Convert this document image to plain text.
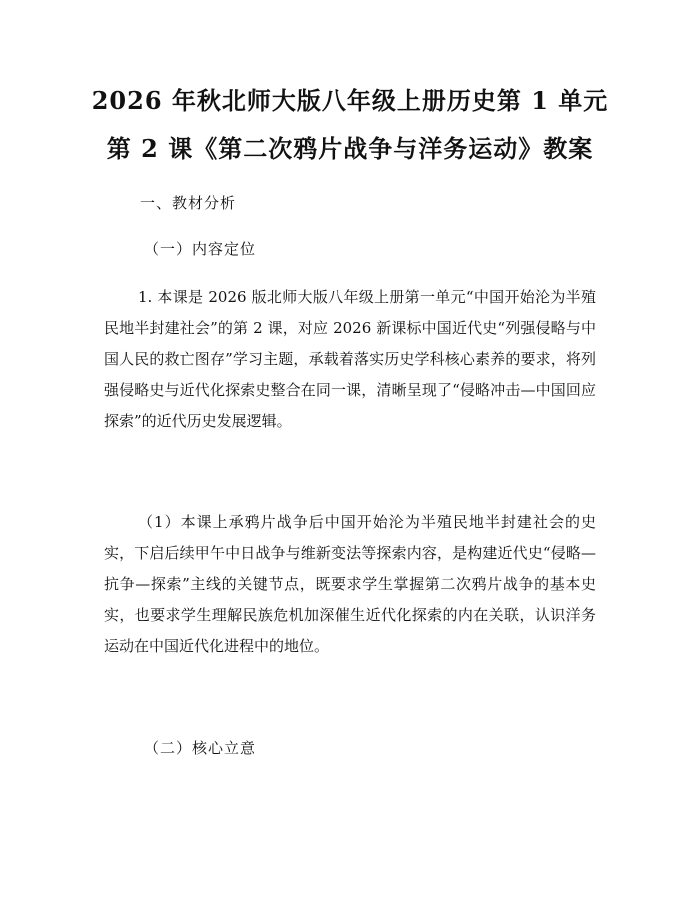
2026 年秋北师大版八年级上册历史第 1 单元
第 2 课《第二次鸦片战争与洋务运动》教案
一、教材分析
（一）内容定位
1. 本课是 2026 版北师大版八年级上册第一单元“中国开始沦为半殖民地半封建社会”的第 2 课，对应 2026 新课标中国近代史“列强侵略与中国人民的救亡图存”学习主题，承载着落实历史学科核心素养的要求，将列强侵略史与近代化探索史整合在同一课，清晰呈现了“侵略冲击—中国回应探索”的近代历史发展逻辑。
（1）本课上承鸦片战争后中国开始沦为半殖民地半封建社会的史实，下启后续甲午中日战争与维新变法等探索内容，是构建近代史“侵略—抗争—探索”主线的关键节点，既要求学生掌握第二次鸦片战争的基本史实，也要求学生理解民族危机加深催生近代化探索的内在关联，认识洋务运动在中国近代化进程中的地位。
（二）核心立意
